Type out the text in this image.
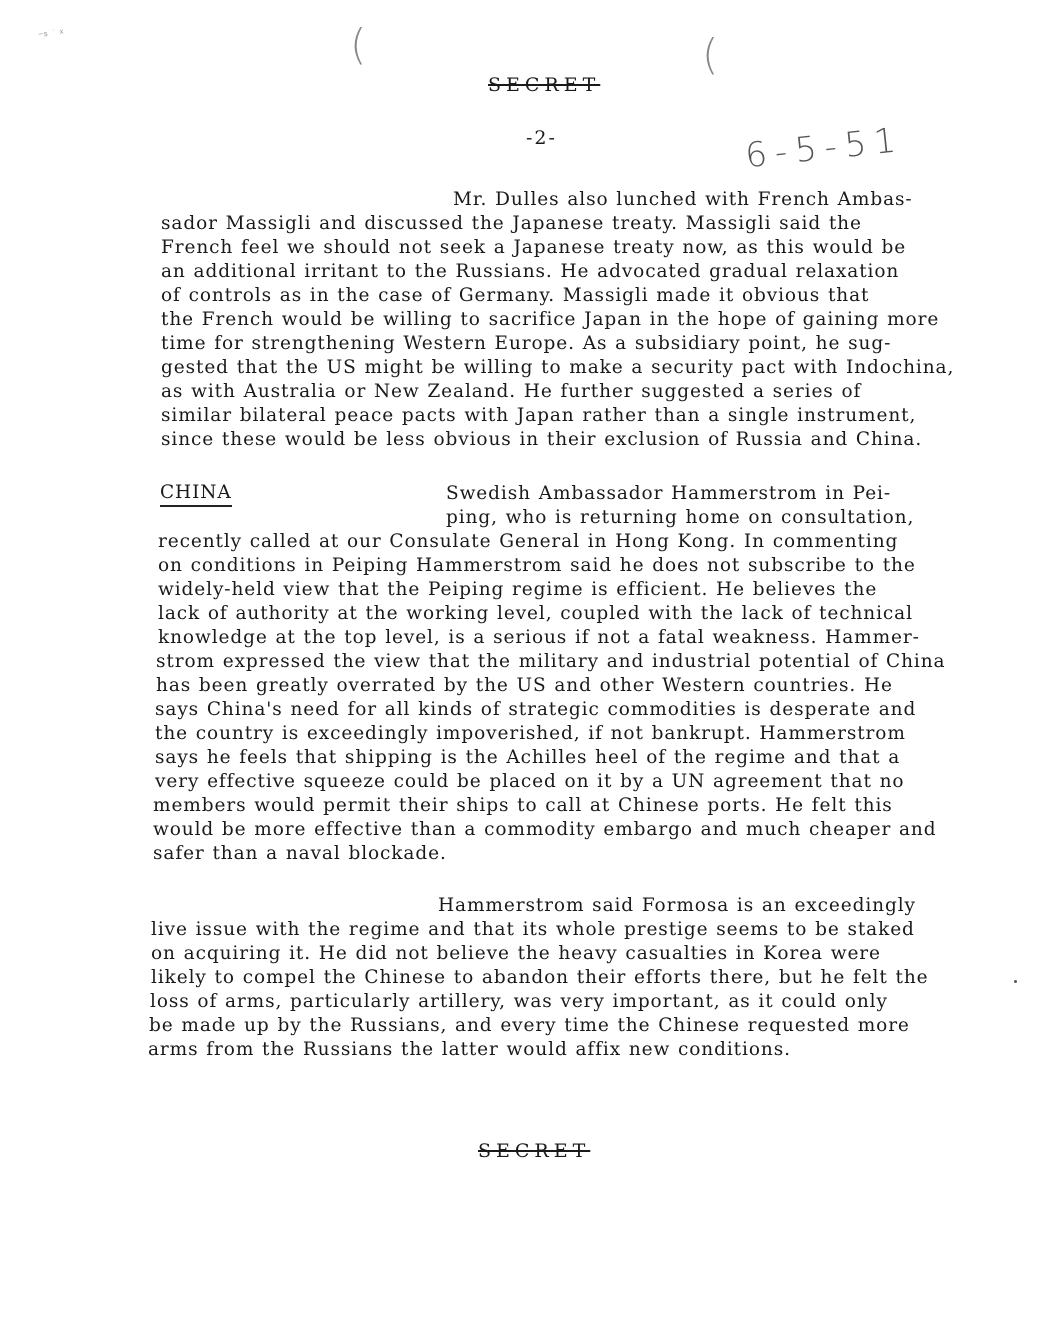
⁻ˢ ˙ ˣ	(	(
SECRET
-2-	6-5-51
Mr. Dulles also lunched with French Ambas-
sador Massigli and discussed the Japanese treaty. Massigli said the
French feel we should not seek a Japanese treaty now, as this would be
an additional irritant to the Russians. He advocated gradual relaxation
of controls as in the case of Germany. Massigli made it obvious that
the French would be willing to sacrifice Japan in the hope of gaining more
time for strengthening Western Europe. As a subsidiary point, he sug-
gested that the US might be willing to make a security pact with Indochina,
as with Australia or New Zealand. He further suggested a series of
similar bilateral peace pacts with Japan rather than a single instrument,
since these would be less obvious in their exclusion of Russia and China.
CHINA	Swedish Ambassador Hammerstrom in Pei-
ping, who is returning home on consultation,
recently called at our Consulate General in Hong Kong. In commenting
on conditions in Peiping Hammerstrom said he does not subscribe to the
widely-held view that the Peiping regime is efficient. He believes the
lack of authority at the working level, coupled with the lack of technical
knowledge at the top level, is a serious if not a fatal weakness. Hammer-
strom expressed the view that the military and industrial potential of China
has been greatly overrated by the US and other Western countries. He
says China's need for all kinds of strategic commodities is desperate and
the country is exceedingly impoverished, if not bankrupt. Hammerstrom
says he feels that shipping is the Achilles heel of the regime and that a
very effective squeeze could be placed on it by a UN agreement that no
members would permit their ships to call at Chinese ports. He felt this
would be more effective than a commodity embargo and much cheaper and
safer than a naval blockade.
Hammerstrom said Formosa is an exceedingly
live issue with the regime and that its whole prestige seems to be staked
on acquiring it. He did not believe the heavy casualties in Korea were
likely to compel the Chinese to abandon their efforts there, but he felt the
loss of arms, particularly artillery, was very important, as it could only
be made up by the Russians, and every time the Chinese requested more
arms from the Russians the latter would affix new conditions.
SECRET
